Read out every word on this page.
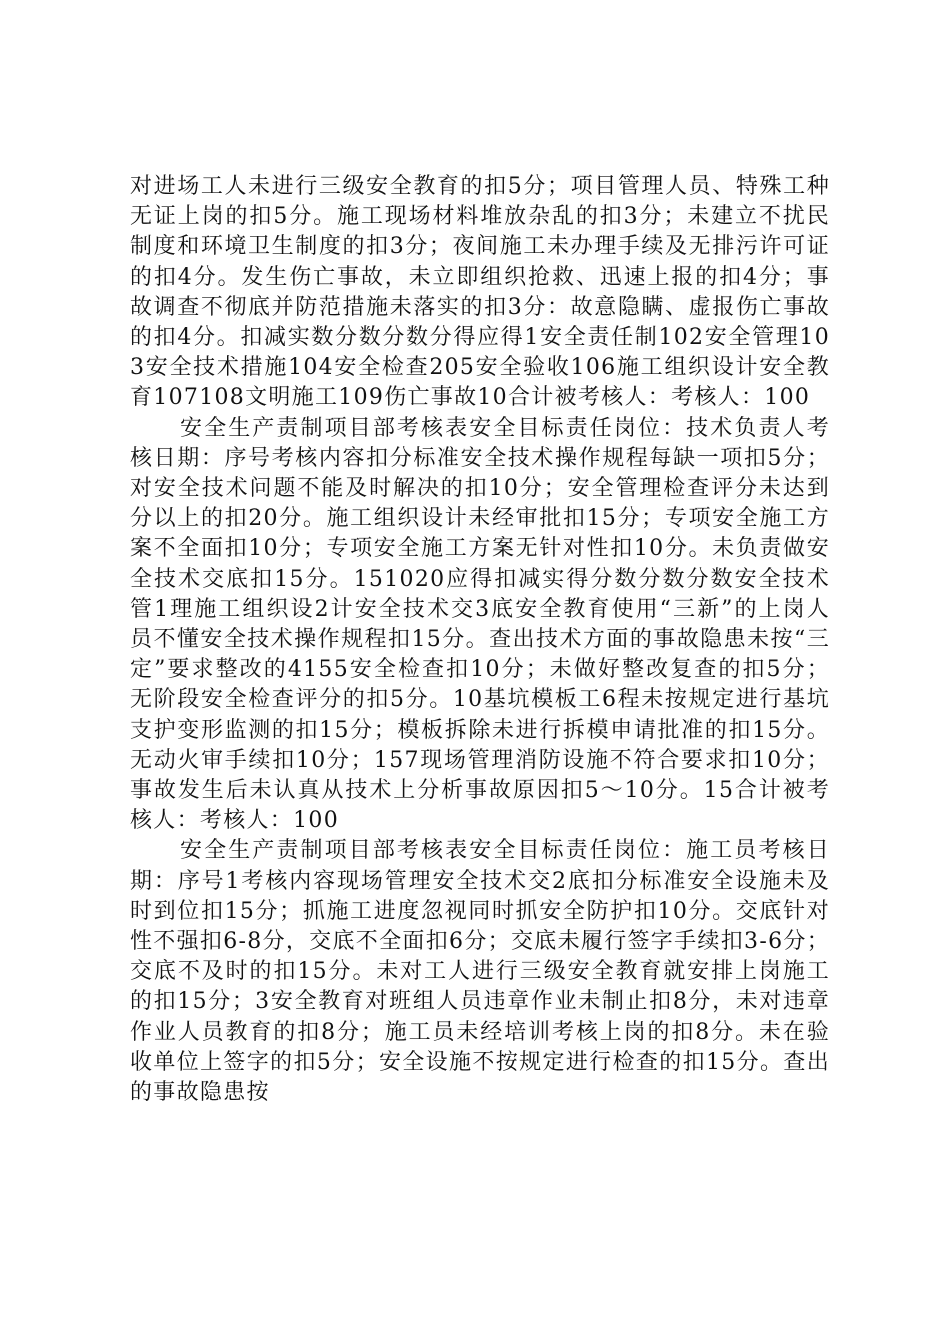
对进场工人未进行三级安全教育的扣5分；项目管理人员、特殊工种无证上岗的扣5分。施工现场材料堆放杂乱的扣3分；未建立不扰民制度和环境卫生制度的扣3分；夜间施工未办理手续及无排污许可证的扣4分。发生伤亡事故，未立即组织抢救、迅速上报的扣4分；事故调查不彻底并防范措施未落实的扣3分：故意隐瞒、虚报伤亡事故的扣4分。扣减实数分数分数分得应得1安全责任制102安全管理103安全技术措施104安全检查205安全验收106施工组织设计安全教育107108文明施工109伤亡事故10合计被考核人：考核人：100

安全生产责制项目部考核表安全目标责任岗位：技术负责人考核日期：序号考核内容扣分标准安全技术操作规程每缺一项扣5分；对安全技术问题不能及时解决的扣10分；安全管理检查评分未达到分以上的扣20分。施工组织设计未经审批扣15分；专项安全施工方案不全面扣10分；专项安全施工方案无针对性扣10分。未负责做安全技术交底扣15分。151020应得扣减实得分数分数分数安全技术管1理施工组织设2计安全技术交3底安全教育使用“三新”的上岗人员不懂安全技术操作规程扣15分。查出技术方面的事故隐患未按“三定”要求整改的4155安全检查扣10分；未做好整改复查的扣5分；无阶段安全检查评分的扣5分。10基坑模板工6程未按规定进行基坑支护变形监测的扣15分；模板拆除未进行拆模申请批准的扣15分。无动火审手续扣10分；157现场管理消防设施不符合要求扣10分；事故发生后未认真从技术上分析事故原因扣5～10分。15合计被考核人：考核人：100

安全生产责制项目部考核表安全目标责任岗位：施工员考核日期：序号1考核内容现场管理安全技术交2底扣分标准安全设施未及时到位扣15分；抓施工进度忽视同时抓安全防护扣10分。交底针对性不强扣6-8分，交底不全面扣6分；交底未履行签字手续扣3-6分；交底不及时的扣15分。未对工人进行三级安全教育就安排上岗施工的扣15分；3安全教育对班组人员违章作业未制止扣8分，未对违章作业人员教育的扣8分；施工员未经培训考核上岗的扣8分。未在验收单位上签字的扣5分；安全设施不按规定进行检查的扣15分。查出的事故隐患按
